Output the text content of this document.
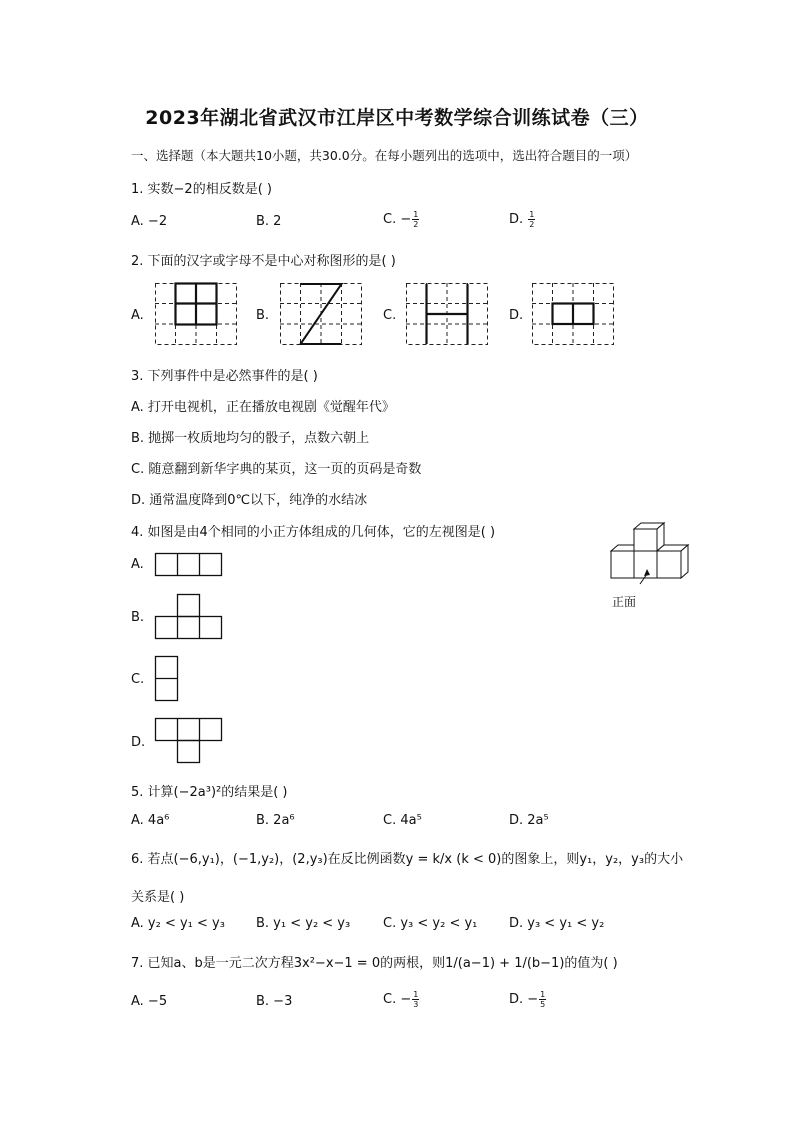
2023年湖北省武汉市江岸区中考数学综合训练试卷（三）
一、选择题（本大题共10小题，共30.0分。在每小题列出的选项中，选出符合题目的一项）
1. 实数−2的相反数是( )
A. −2	B. 2	C. − $\frac{1}{2}$	D. $\frac{1}{2}$
2. 下面的汉字或字母不是中心对称图形的是( )
A.	B.	C.	D.
3. 下列事件中是必然事件的是( )
A. 打开电视机，正在播放电视剧《觉醒年代》
B. 抛掷一枚质地均匀的骰子，点数六朝上
C. 随意翻到新华字典的某页，这一页的页码是奇数
D. 通常温度降到0℃以下，纯净的水结冰
4. 如图是由4个相同的小正方体组成的几何体，它的左视图是( )
正面
A.
B.
C.
D.
5. 计算(−2a³)²的结果是( )
A. 4a⁶	B. 2a⁶	C. 4a⁵	D. 2a⁵
6. 若点(−6,y₁)，(−1,y₂)，(2,y₃)在反比例函数y = k/x (k < 0)的图象上，则y₁，y₂，y₃的大小
关系是( )
A. y₂ < y₁ < y₃ B. y₁ < y₂ < y₃	C. y₃ < y₂ < y₁ D. y₃ < y₁ < y₂
7. 已知a、b是一元二次方程3x²−x−1 = 0的两根，则1/(a−1) + 1/(b−1)的值为( )
A. −5	B. −3	C. − $\frac{1}{3}$	D. − $\frac{1}{5}$
